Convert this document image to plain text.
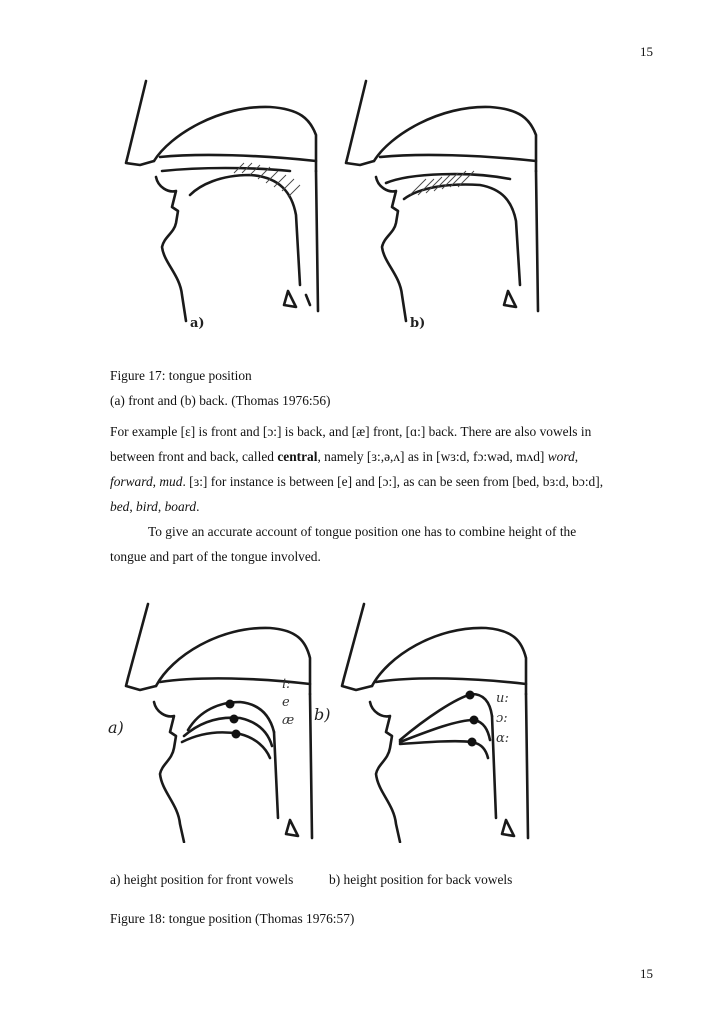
15
a)	b)

Figure 17: tongue position

(a) front and (b) back. (Thomas 1976:56)

For example [ɛ] is front and [ɔ:] is back, and [æ] front, [ɑ:] back. There are also vowels in

between front and back, called central, namely [ɜ:,ə,ʌ] as in [wɜ:d, fɔ:wəd, mʌd] word,

forward, mud. [ɜ:] for instance is between [e] and [ɔ:], as can be seen from [bed, bɜ:d, bɔ:d],

bed, bird, board.

To give an accurate account of tongue position one has to combine height of the

tongue and part of the tongue involved.

i:
e
æ
a)
u:
ɔ:
ɑ:
b)
a) height position for front vowels	b) height position for back vowels
Figure 18: tongue position (Thomas 1976:57)
15
